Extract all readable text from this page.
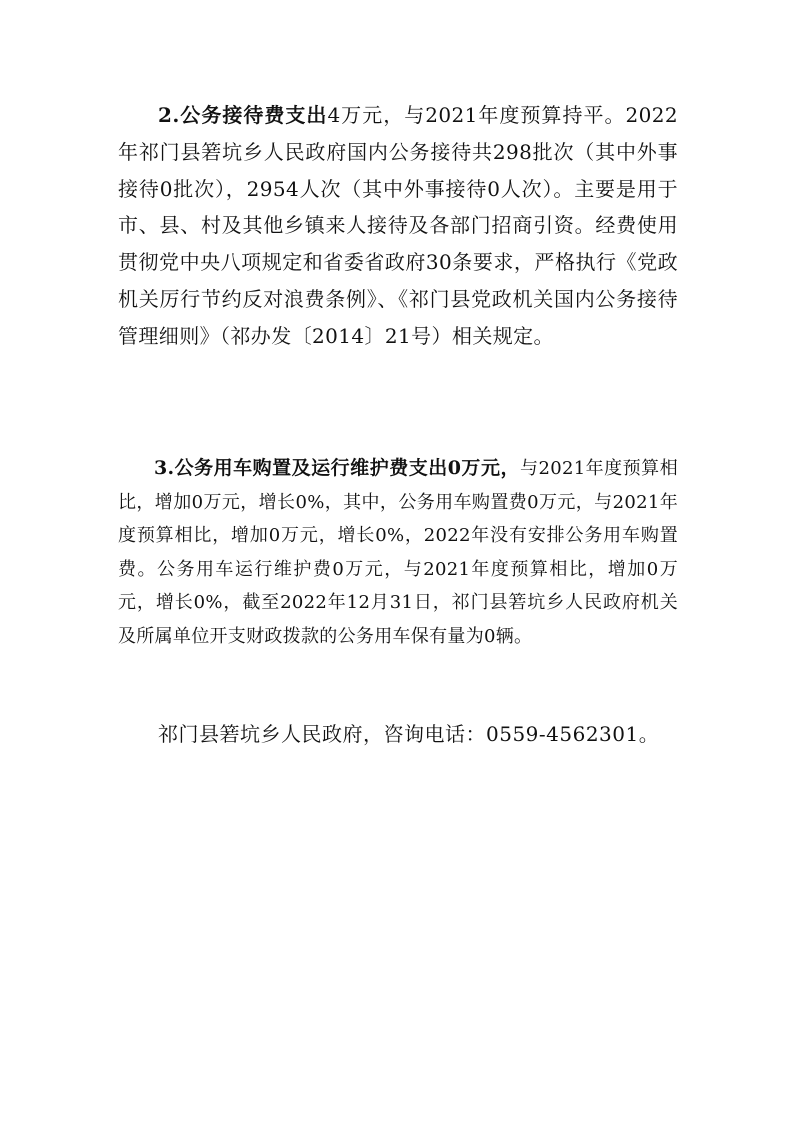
2.公务接待费支出4万元，与2021年度预算持平。2022年祁门县箬坑乡人民政府国内公务接待共298批次（其中外事接待0批次），2954人次（其中外事接待0人次）。主要是用于市、县、村及其他乡镇来人接待及各部门招商引资。经费使用贯彻党中央八项规定和省委省政府30条要求，严格执行《党政机关厉行节约反对浪费条例》、《祁门县党政机关国内公务接待管理细则》（祁办发〔2014〕21号）相关规定。

3.公务用车购置及运行维护费支出0万元，与2021年度预算相比，增加0万元，增长0%，其中，公务用车购置费0万元，与2021年度预算相比，增加0万元，增长0%，2022年没有安排公务用车购置费。公务用车运行维护费0万元，与2021年度预算相比，增加0万元，增长0%，截至2022年12月31日，祁门县箬坑乡人民政府机关及所属单位开支财政拨款的公务用车保有量为0辆。

祁门县箬坑乡人民政府，咨询电话：0559-4562301。
